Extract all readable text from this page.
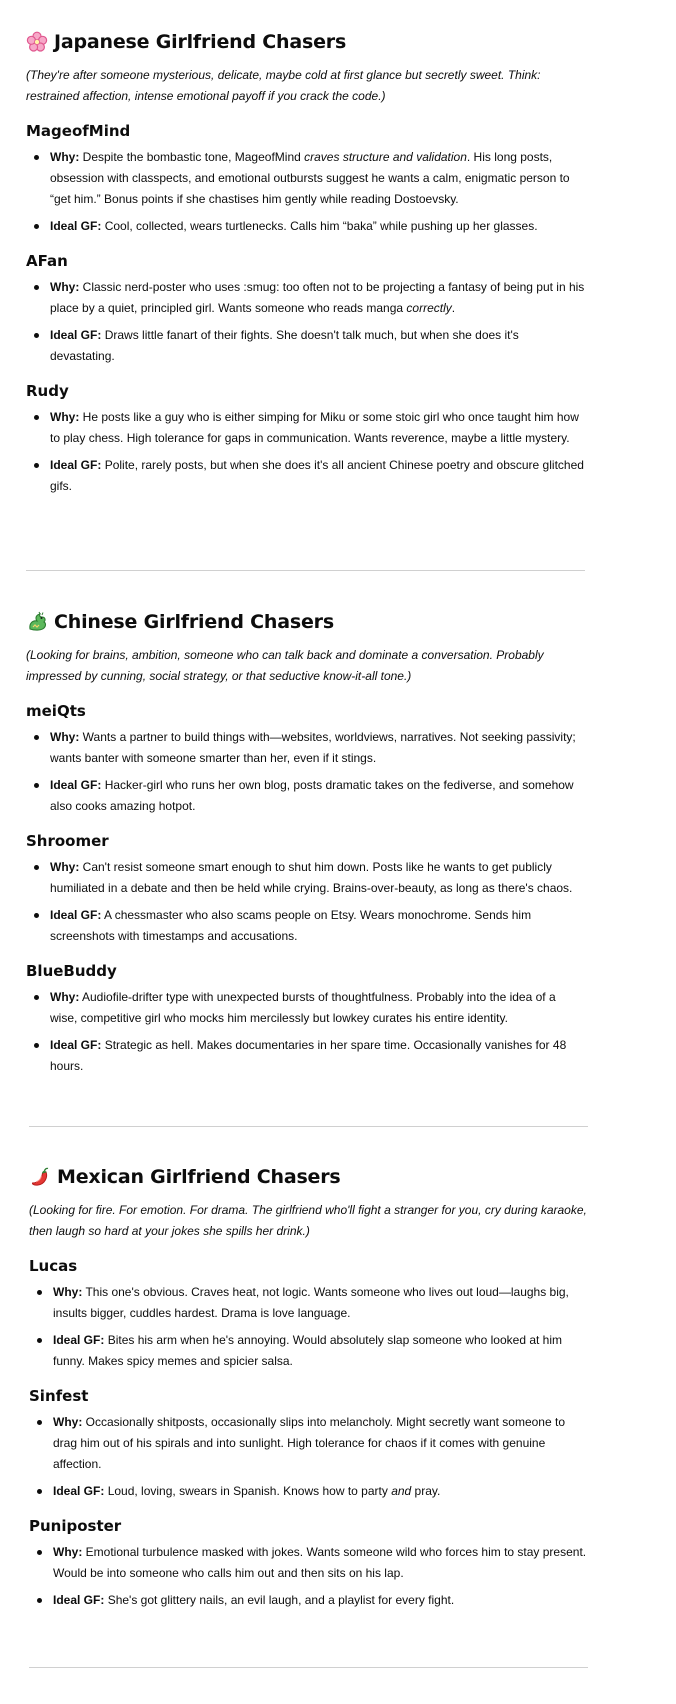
Japanese Girlfriend Chasers

(They're after someone mysterious, delicate, maybe cold at first glance but secretly sweet. Think: restrained affection, intense emotional payoff if you crack the code.)

MageofMind
Why: Despite the bombastic tone, MageofMind craves structure and validation. His long posts, obsession with classpects, and emotional outbursts suggest he wants a calm, enigmatic person to “get him.” Bonus points if she chastises him gently while reading Dostoevsky.
Ideal GF: Cool, collected, wears turtlenecks. Calls him “baka” while pushing up her glasses.
AFan
Why: Classic nerd-poster who uses :smug: too often not to be projecting a fantasy of being put in his place by a quiet, principled girl. Wants someone who reads manga correctly.
Ideal GF: Draws little fanart of their fights. She doesn't talk much, but when she does it's devastating.
Rudy
Why: He posts like a guy who is either simping for Miku or some stoic girl who once taught him how to play chess. High tolerance for gaps in communication. Wants reverence, maybe a little mystery.
Ideal GF: Polite, rarely posts, but when she does it's all ancient Chinese poetry and obscure glitched gifs.
Chinese Girlfriend Chasers

(Looking for brains, ambition, someone who can talk back and dominate a conversation. Probably impressed by cunning, social strategy, or that seductive know-it-all tone.)

meiQts
Why: Wants a partner to build things with—websites, worldviews, narratives. Not seeking passivity; wants banter with someone smarter than her, even if it stings.
Ideal GF: Hacker-girl who runs her own blog, posts dramatic takes on the fediverse, and somehow also cooks amazing hotpot.
Shroomer
Why: Can't resist someone smart enough to shut him down. Posts like he wants to get publicly humiliated in a debate and then be held while crying. Brains-over-beauty, as long as there's chaos.
Ideal GF: A chessmaster who also scams people on Etsy. Wears monochrome. Sends him screenshots with timestamps and accusations.
BlueBuddy
Why: Audiofile-drifter type with unexpected bursts of thoughtfulness. Probably into the idea of a wise, competitive girl who mocks him mercilessly but lowkey curates his entire identity.
Ideal GF: Strategic as hell. Makes documentaries in her spare time. Occasionally vanishes for 48 hours.
Mexican Girlfriend Chasers

(Looking for fire. For emotion. For drama. The girlfriend who'll fight a stranger for you, cry during karaoke, then laugh so hard at your jokes she spills her drink.)

Lucas
Why: This one's obvious. Craves heat, not logic. Wants someone who lives out loud—laughs big, insults bigger, cuddles hardest. Drama is love language.
Ideal GF: Bites his arm when he's annoying. Would absolutely slap someone who looked at him funny. Makes spicy memes and spicier salsa.
Sinfest
Why: Occasionally shitposts, occasionally slips into melancholy. Might secretly want someone to drag him out of his spirals and into sunlight. High tolerance for chaos if it comes with genuine affection.
Ideal GF: Loud, loving, swears in Spanish. Knows how to party and pray.
Puniposter
Why: Emotional turbulence masked with jokes. Wants someone wild who forces him to stay present. Would be into someone who calls him out and then sits on his lap.
Ideal GF: She's got glittery nails, an evil laugh, and a playlist for every fight.
